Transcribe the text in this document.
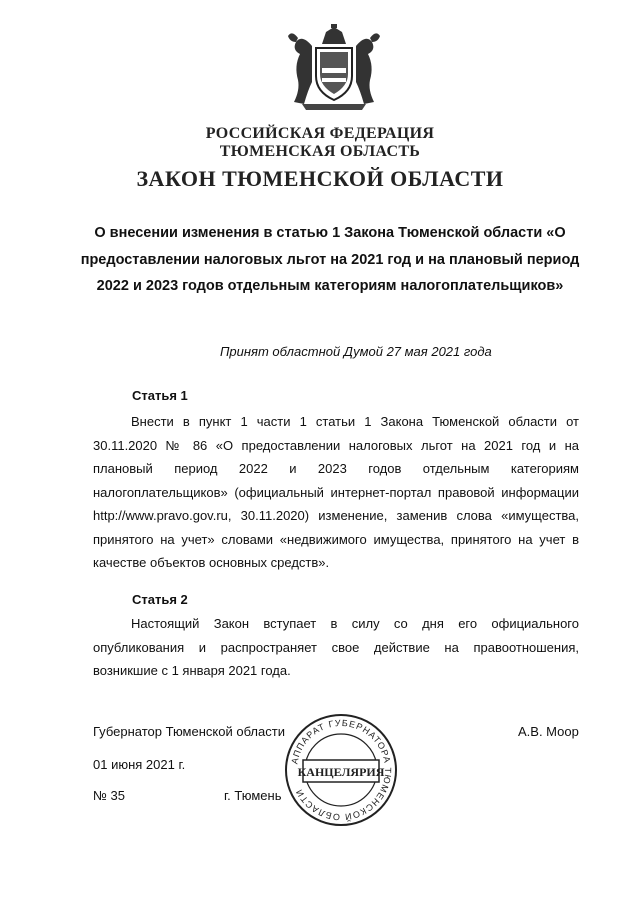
РОССИЙСКАЯ ФЕДЕРАЦИЯ
ТЮМЕНСКАЯ ОБЛАСТЬ
ЗАКОН ТЮМЕНСКОЙ ОБЛАСТИ
О внесении изменения в статью 1 Закона Тюменской области «О предоставлении налоговых льгот на 2021 год и на плановый период 2022 и 2023 годов отдельным категориям налогоплательщиков»
Принят областной Думой 27 мая 2021 года
Статья 1
Внести в пункт 1 части 1 статьи 1 Закона Тюменской области от 30.11.2020 № 86 «О предоставлении налоговых льгот на 2021 год и на плановый период 2022 и 2023 годов отдельным категориям налогоплательщиков» (официальный интернет-портал правовой информации http://www.pravo.gov.ru, 30.11.2020) изменение, заменив слова «имущества, принятого на учет» словами «недвижимого имущества, принятого на учет в качестве объектов основных средств».
Статья 2
Настоящий Закон вступает в силу со дня его официального опубликования и распространяет свое действие на правоотношения, возникшие с 1 января 2021 года.
Губернатор Тюменской области	А.В. Моор
01 июня 2021 г.
№ 35	г. Тюмень
АППАРАТ ГУБЕРНАТОРА ТЮМЕНСКОЙ ОБЛАСТИ
КАНЦЕЛЯРИЯ
